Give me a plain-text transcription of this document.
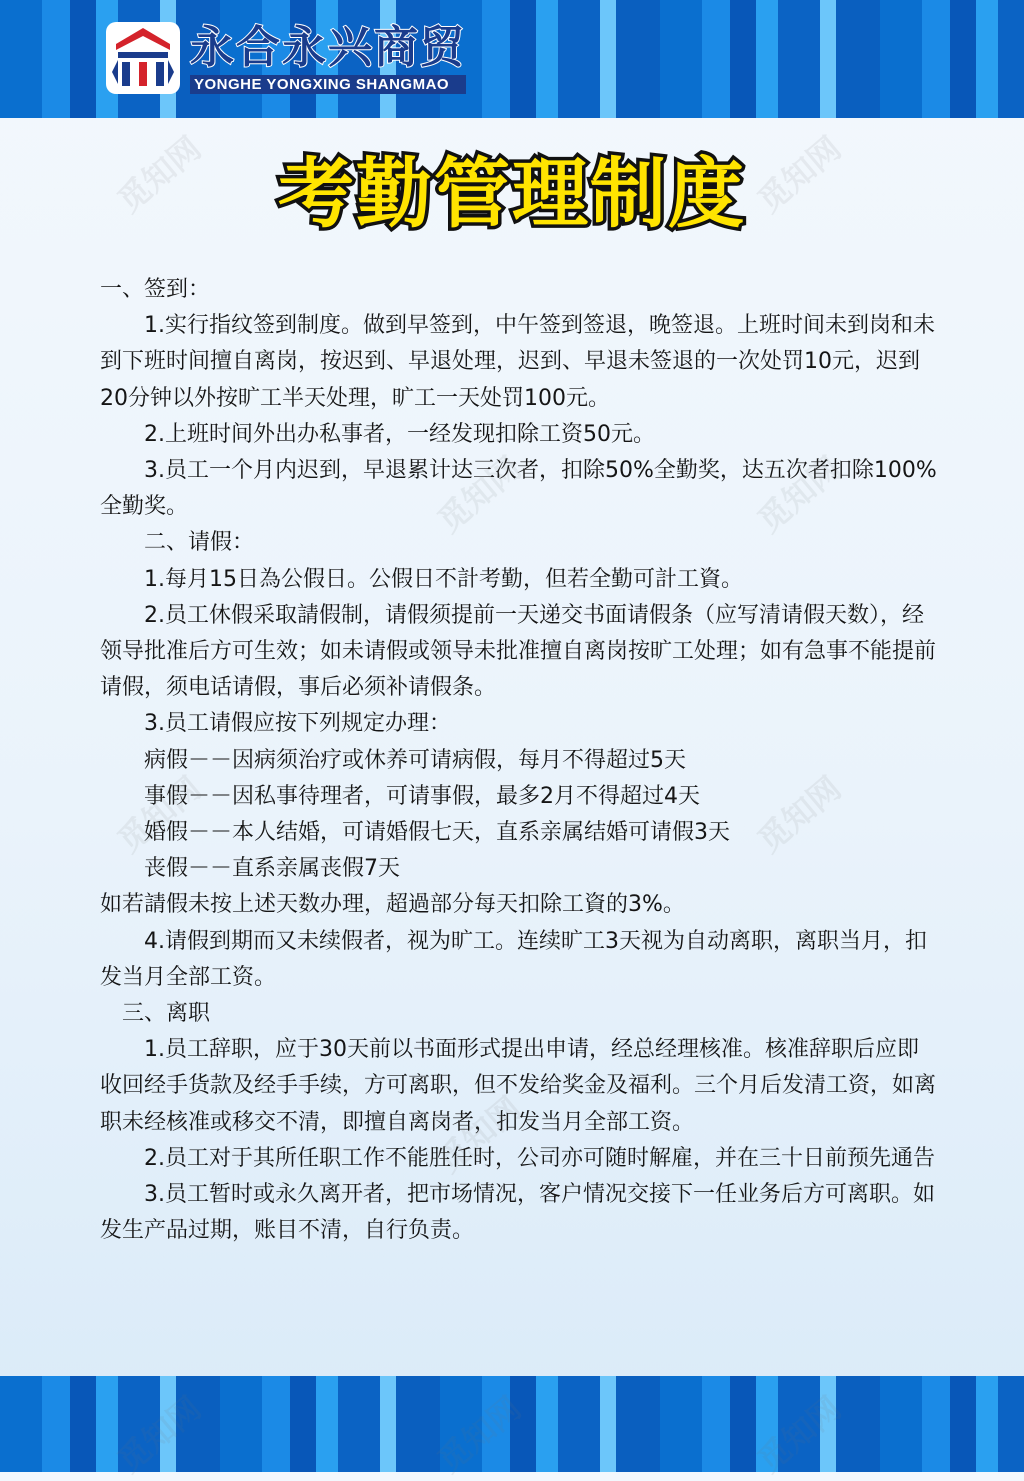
永合永兴商贸
YONGHE YONGXING SHANGMAO
考勤管理制度

一、签到：

　　1.实行指纹签到制度。做到早签到，中午签到签退，晚签退。上班时间未到岗和未到下班时间擅自离岗，按迟到、早退处理，迟到、早退未签退的一次处罚10元，迟到20分钟以外按旷工半天处理，旷工一天处罚100元。

　　2.上班时间外出办私事者，一经发现扣除工资50元。

　　3.员工一个月内迟到，早退累计达三次者，扣除50%全勤奖，达五次者扣除100%全勤奖。

　　二、请假：

　　1.每月15日為公假日。公假日不計考勤，但若全勤可計工資。

　　2.员工休假采取請假制，请假须提前一天递交书面请假条（应写清请假天数），经领导批准后方可生效；如未请假或领导未批准擅自离岗按旷工处理；如有急事不能提前请假，须电话请假，事后必须补请假条。

　　3.员工请假应按下列规定办理：

　　病假－－因病须治疗或休养可请病假，每月不得超过5天

　　事假－－因私事待理者，可请事假，最多2月不得超过4天

　　婚假－－本人结婚，可请婚假七天，直系亲属结婚可请假3天

　　丧假－－直系亲属丧假7天

如若請假未按上述天数办理，超過部分每天扣除工資的3%。

　　4.请假到期而又未续假者，视为旷工。连续旷工3天视为自动离职，离职当月，扣发当月全部工资。

　三、离职

　　1.员工辞职，应于30天前以书面形式提出申请，经总经理核准。核准辞职后应即收回经手货款及经手手续，方可离职，但不发给奖金及福利。三个月后发清工资，如离职未经核准或移交不清，即擅自离岗者，扣发当月全部工资。

　　2.员工对于其所任职工作不能胜任时，公司亦可随时解雇，并在三十日前预先通告

　　3.员工暂时或永久离开者，把市场情况，客户情况交接下一任业务后方可离职。如发生产品过期，账目不清，自行负责。

觅知网	觅知网
觅知网	觅知网
觅知网	觅知网
觅知网
